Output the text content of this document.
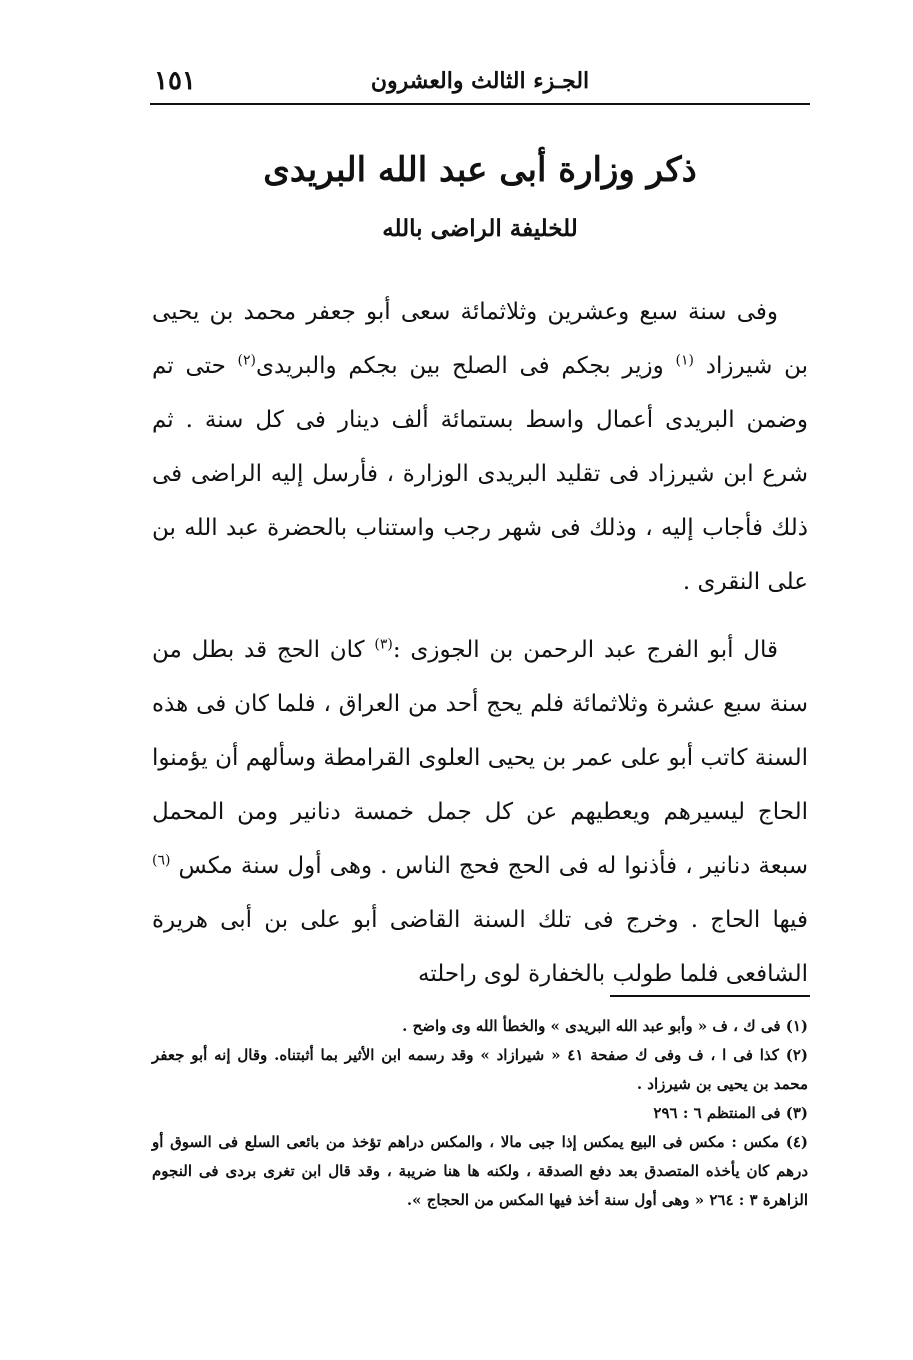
الجـزء الثالث والعشرون
١٥١
ذكر وزارة أبى عبد الله البريدى
للخليفة الراضى بالله

وفى سنة سبع وعشرين وثلاثمائة سعى أبو جعفر محمد بن يحيى بن شيرزاد $^{(١)}$ وزير بجكم فى الصلح بين بجكم والبريدى$^{(٢)}$ حتى تم وضمن البريدى أعمال واسط بستمائة ألف دينار فى كل سنة . ثم شرع ابن شيرزاد فى تقليد البريدى الوزارة ، فأرسل إليه الراضى فى ذلك فأجاب إليه ، وذلك فى شهر رجب واستناب بالحضرة عبد الله بن على النقرى .

قال أبو الفرج عبد الرحمن بن الجوزى :$^{(٣)}$ كان الحج قد بطل من سنة سبع عشرة وثلاثمائة فلم يحج أحد من العراق ، فلما كان فى هذه السنة كاتب أبو على عمر بن يحيى العلوى القرامطة وسألهم أن يؤمنوا الحاج ليسيرهم ويعطيهم عن كل جمل خمسة دنانير ومن المحمل سبعة دنانير ، فأذنوا له فى الحج فحج الناس . وهى أول سنة مكس $^{(٦)}$ فيها الحاج . وخرج فى تلك السنة القاضى أبو على بن أبى هريرة الشافعى فلما طولب بالخفارة لوى راحلته

(١) فى ك ، ف « وأبو عبد الله البريدى » والخطأ الله وى واضح .

(٢) كذا فى ا ، ف وفى ك صفحة ٤١ « شيرازاد » وقد رسمه ابن الأثير بما أثبتناه. وقال إنه أبو جعفر محمد بن يحيى بن شيرزاد .

(٣) فى المنتظم ٦ : ٢٩٦

(٤) مكس : مكس فى البيع يمكس إذا جبى مالا ، والمكس دراهم تؤخذ من بائعى السلع فى السوق أو درهم كان يأخذه المتصدق بعد دفع الصدقة ، ولكنه ها هنا ضريبة ، وقد قال ابن تغرى بردى فى النجوم الزاهرة ٣ : ٢٦٤ « وهى أول سنة أخذ فيها المكس من الحجاج ».
